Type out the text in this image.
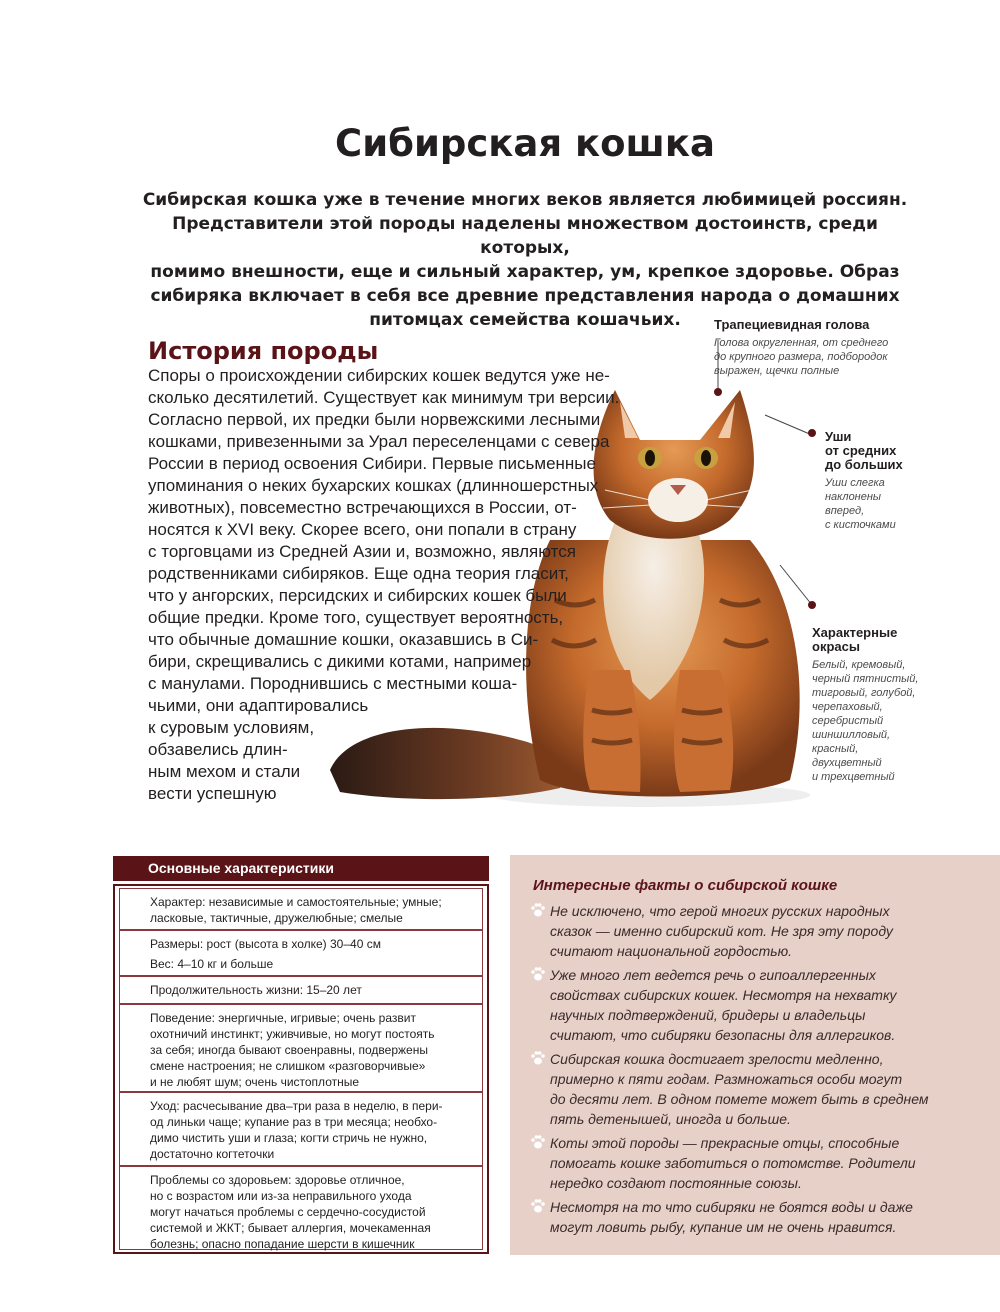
Сибирская кошка
Сибирская кошка уже в течение многих веков является любимицей россиян.
Представители этой породы наделены множеством достоинств, среди которых,
помимо внешности, еще и сильный характер, ум, крепкое здоровье. Образ
сибиряка включает в себя все древние представления народа о домашних
питомцах семейства кошачьих.
История породы

Споры о происхождении сибирских кошек ведутся уже не-

сколько десятилетий. Существует как минимум три версии.

Согласно первой, их предки были норвежскими лесными

кошками, привезенными за Урал переселенцами с севера

России в период освоения Сибири. Первые письменные

упоминания о неких бухарских кошках (длинношерстных

животных), повсеместно встречающихся в России, от-

носятся к XVI веку. Скорее всего, они попали в страну

с торговцами из Средней Азии и, возможно, являются

родственниками сибиряков. Еще одна теория гласит,

что у ангорских, персидских и сибирских кошек были

общие предки. Кроме того, существует вероятность,

что обычные домашние кошки, оказавшись в Си-

бири, скрещивались с дикими котами, например

с манулами. Породнившись с местными коша-

чьими, они адаптировались

к суровым условиям,

обзавелись длин-

ным мехом и стали

вести успешную

Трапециевидная голова

Голова округленная, от среднего
до крупного размера, подбородок
выражен, щечки полные
Уши
от средних
до больших
Уши слегка
наклонены
вперед,
с кисточками
Характерные
окрасы
Белый, кремовый,
черный пятнистый,
тигровый, голубой,
черепаховый,
серебристый
шиншилловый,
красный,
двухцветный
и трехцветный
Основные характеристики

Характер: независимые и самостоятельные; умные;

ласковые, тактичные, дружелюбные; смелые

Размеры: рост (высота в холке) 30–40 см

Вес: 4–10 кг и больше

Продолжительность жизни: 15–20 лет

Поведение: энергичные, игривые; очень развит

охотничий инстинкт; уживчивые, но могут постоять

за себя; иногда бывают своенравны, подвержены

смене настроения; не слишком «разговорчивые»

и не любят шум; очень чистоплотные

Уход: расчесывание два–три раза в неделю, в пери-

од линьки чаще; купание раз в три месяца; необхо-

димо чистить уши и глаза; когти стричь не нужно,

достаточно когтеточки

Проблемы со здоровьем: здоровье отличное,

но с возрастом или из-за неправильного ухода

могут начаться проблемы с сердечно-сосудистой

системой и ЖКТ; бывает аллергия, мочекаменная

болезнь; опасно попадание шерсти в кишечник

Интересные факты о сибирской кошке

Не исключено, что герой многих русских народных

сказок — именно сибирский кот. Не зря эту породу

считают национальной гордостью.

Уже много лет ведется речь о гипоаллергенных

свойствах сибирских кошек. Несмотря на нехватку

научных подтверждений, бридеры и владельцы

считают, что сибиряки безопасны для аллергиков.

Сибирская кошка достигает зрелости медленно,

примерно к пяти годам. Размножаться особи могут

до десяти лет. В одном помете может быть в среднем

пять детенышей, иногда и больше.

Коты этой породы — прекрасные отцы, способные

помогать кошке заботиться о потомстве. Родители

нередко создают постоянные союзы.

Несмотря на то что сибиряки не боятся воды и даже

могут ловить рыбу, купание им не очень нравится.
